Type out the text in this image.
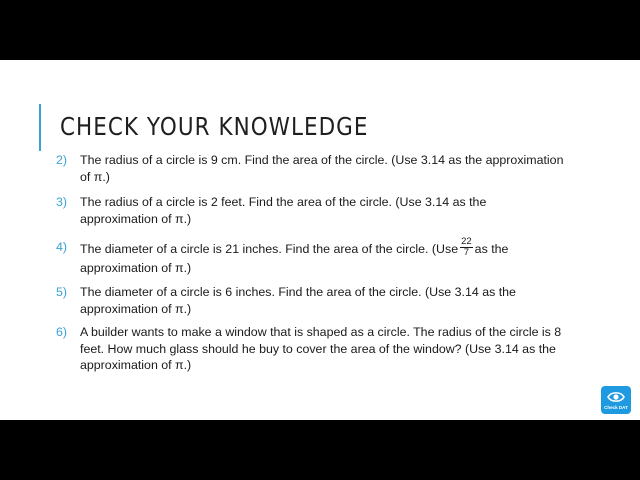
CHECK YOUR KNOWLEDGE
2) The radius of a circle is 9 cm. Find the area of the circle. (Use 3.14 as the approximation of π.)
3) The radius of a circle is 2 feet. Find the area of the circle. (Use 3.14 as the approximation of π.)
4) The diameter of a circle is 21 inches. Find the area of the circle. ($Use \frac{22}{7}$ as the approximation of π.)
5) The diameter of a circle is 6 inches. Find the area of the circle. (Use 3.14 as the approximation of π.)
6) A builder wants to make a window that is shaped as a circle. The radius of the circle is 8 feet. How much glass should he buy to cover the area of the window? (Use 3.14 as the approximation of π.)
Check DAT
